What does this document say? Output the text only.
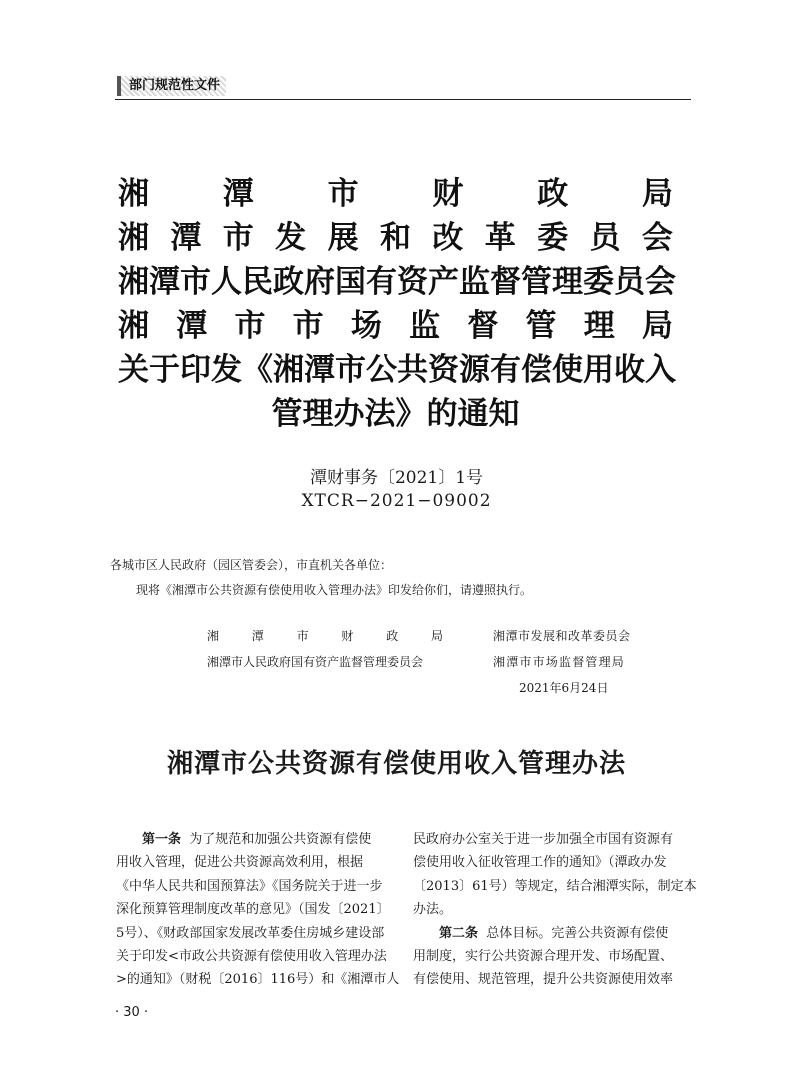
部门规范性文件
湘 潭 市 财 政 局
湘 潭 市 发 展 和 改 革 委 员 会
湘 潭 市 人 民 政 府 国 有 资 产 监 督 管 理 委 员 会
湘 潭 市 市 场 监 督 管 理 局
关于印发《湘潭市公共资源有偿使用收入
管理办法》的通知
潭财事务〔2021〕1号
XTCR−2021−09002
各城市区人民政府（园区管委会），市直机关各单位：
现将《湘潭市公共资源有偿使用收入管理办法》印发给你们，请遵照执行。
湘	潭	市	财	政	局
湘潭市人民政府国有资产监督管理委员会
湘潭市发展和改革委员会
湘潭市市场监督管理局
2021年6月24日
湘潭市公共资源有偿使用收入管理办法

第一条 为了规范和加强公共资源有偿使

用收入管理，促进公共资源高效利用，根据

《中华人民共和国预算法》《国务院关于进一步

深化预算管理制度改革的意见》（国发〔2021〕

5号）、《财政部国家发展改革委住房城乡建设部

关于印发<市政公共资源有偿使用收入管理办法

>的通知》（财税〔2016〕116号）和《湘潭市人

民政府办公室关于进一步加强全市国有资源有

偿使用收入征收管理工作的通知》（潭政办发

〔2013〕61号）等规定，结合湘潭实际，制定本

办法。

第二条 总体目标。完善公共资源有偿使

用制度，实行公共资源合理开发、市场配置、

有偿使用、规范管理，提升公共资源使用效率

· 30 ·
